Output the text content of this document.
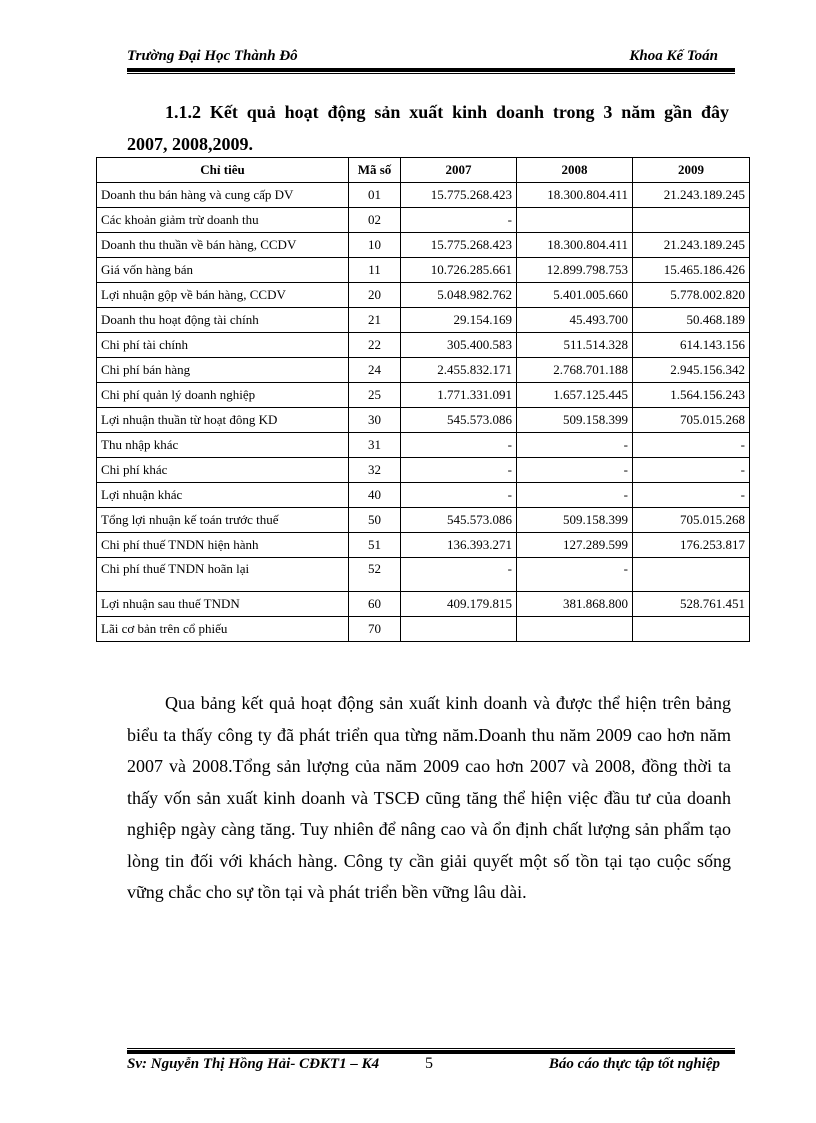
Trường Đại Học Thành Đô	Khoa Kế Toán
1.1.2 Kết quả hoạt động sản xuất kinh doanh trong 3 năm gần đây
2007, 2008,2009.
Chỉ tiêu	Mã số	2007	2008	2009
Doanh thu bán hàng và cung cấp DV	01	15.775.268.423	18.300.804.411	21.243.189.245
Các khoản giảm trừ doanh thu	02	-		
Doanh thu thuần về bán hàng, CCDV	10	15.775.268.423	18.300.804.411	21.243.189.245
Giá vốn hàng bán	11	10.726.285.661	12.899.798.753	15.465.186.426
Lợi nhuận gộp về bán hàng, CCDV	20	5.048.982.762	5.401.005.660	5.778.002.820
Doanh thu hoạt động tài chính	21	29.154.169	45.493.700	50.468.189
Chi phí tài chính	22	305.400.583	511.514.328	614.143.156
Chi phí bán hàng	24	2.455.832.171	2.768.701.188	2.945.156.342
Chi phí quản lý doanh nghiệp	25	1.771.331.091	1.657.125.445	1.564.156.243
Lợi nhuận thuần từ hoạt đông KD	30	545.573.086	509.158.399	705.015.268
Thu nhập khác	31	-	-	-
Chi phí khác	32	-	-	-
Lợi nhuận khác	40	-	-	-
Tổng lợi nhuận kế toán trước thuế	50	545.573.086	509.158.399	705.015.268
Chi phí thuế TNDN hiện hành	51	136.393.271	127.289.599	176.253.817
Chi phí thuế TNDN hoãn lại	52	-	-	
Lợi nhuận sau thuế TNDN	60	409.179.815	381.868.800	528.761.451
Lãi cơ bản trên cổ phiếu	70			
Qua bảng kết quả hoạt động sản xuất kinh doanh và được thể hiện trên bảng biểu ta thấy công ty đã phát triển qua từng năm.Doanh thu năm 2009 cao hơn năm 2007 và 2008.Tổng sản lượng của năm 2009 cao hơn 2007 và 2008, đồng thời ta thấy vốn sản xuất kinh doanh và TSCĐ cũng tăng thể hiện việc đầu tư của doanh nghiệp ngày càng tăng. Tuy nhiên để nâng cao và ổn định chất lượng sản phẩm tạo lòng tin đối với khách hàng. Công ty cần giải quyết một số tồn tại tạo cuộc sống vững chắc cho sự tồn tại và phát triển bền vững lâu dài.
Sv: Nguyễn Thị Hồng Hải- CĐKT1 – K4	5	Báo cáo thực tập tốt nghiệp
